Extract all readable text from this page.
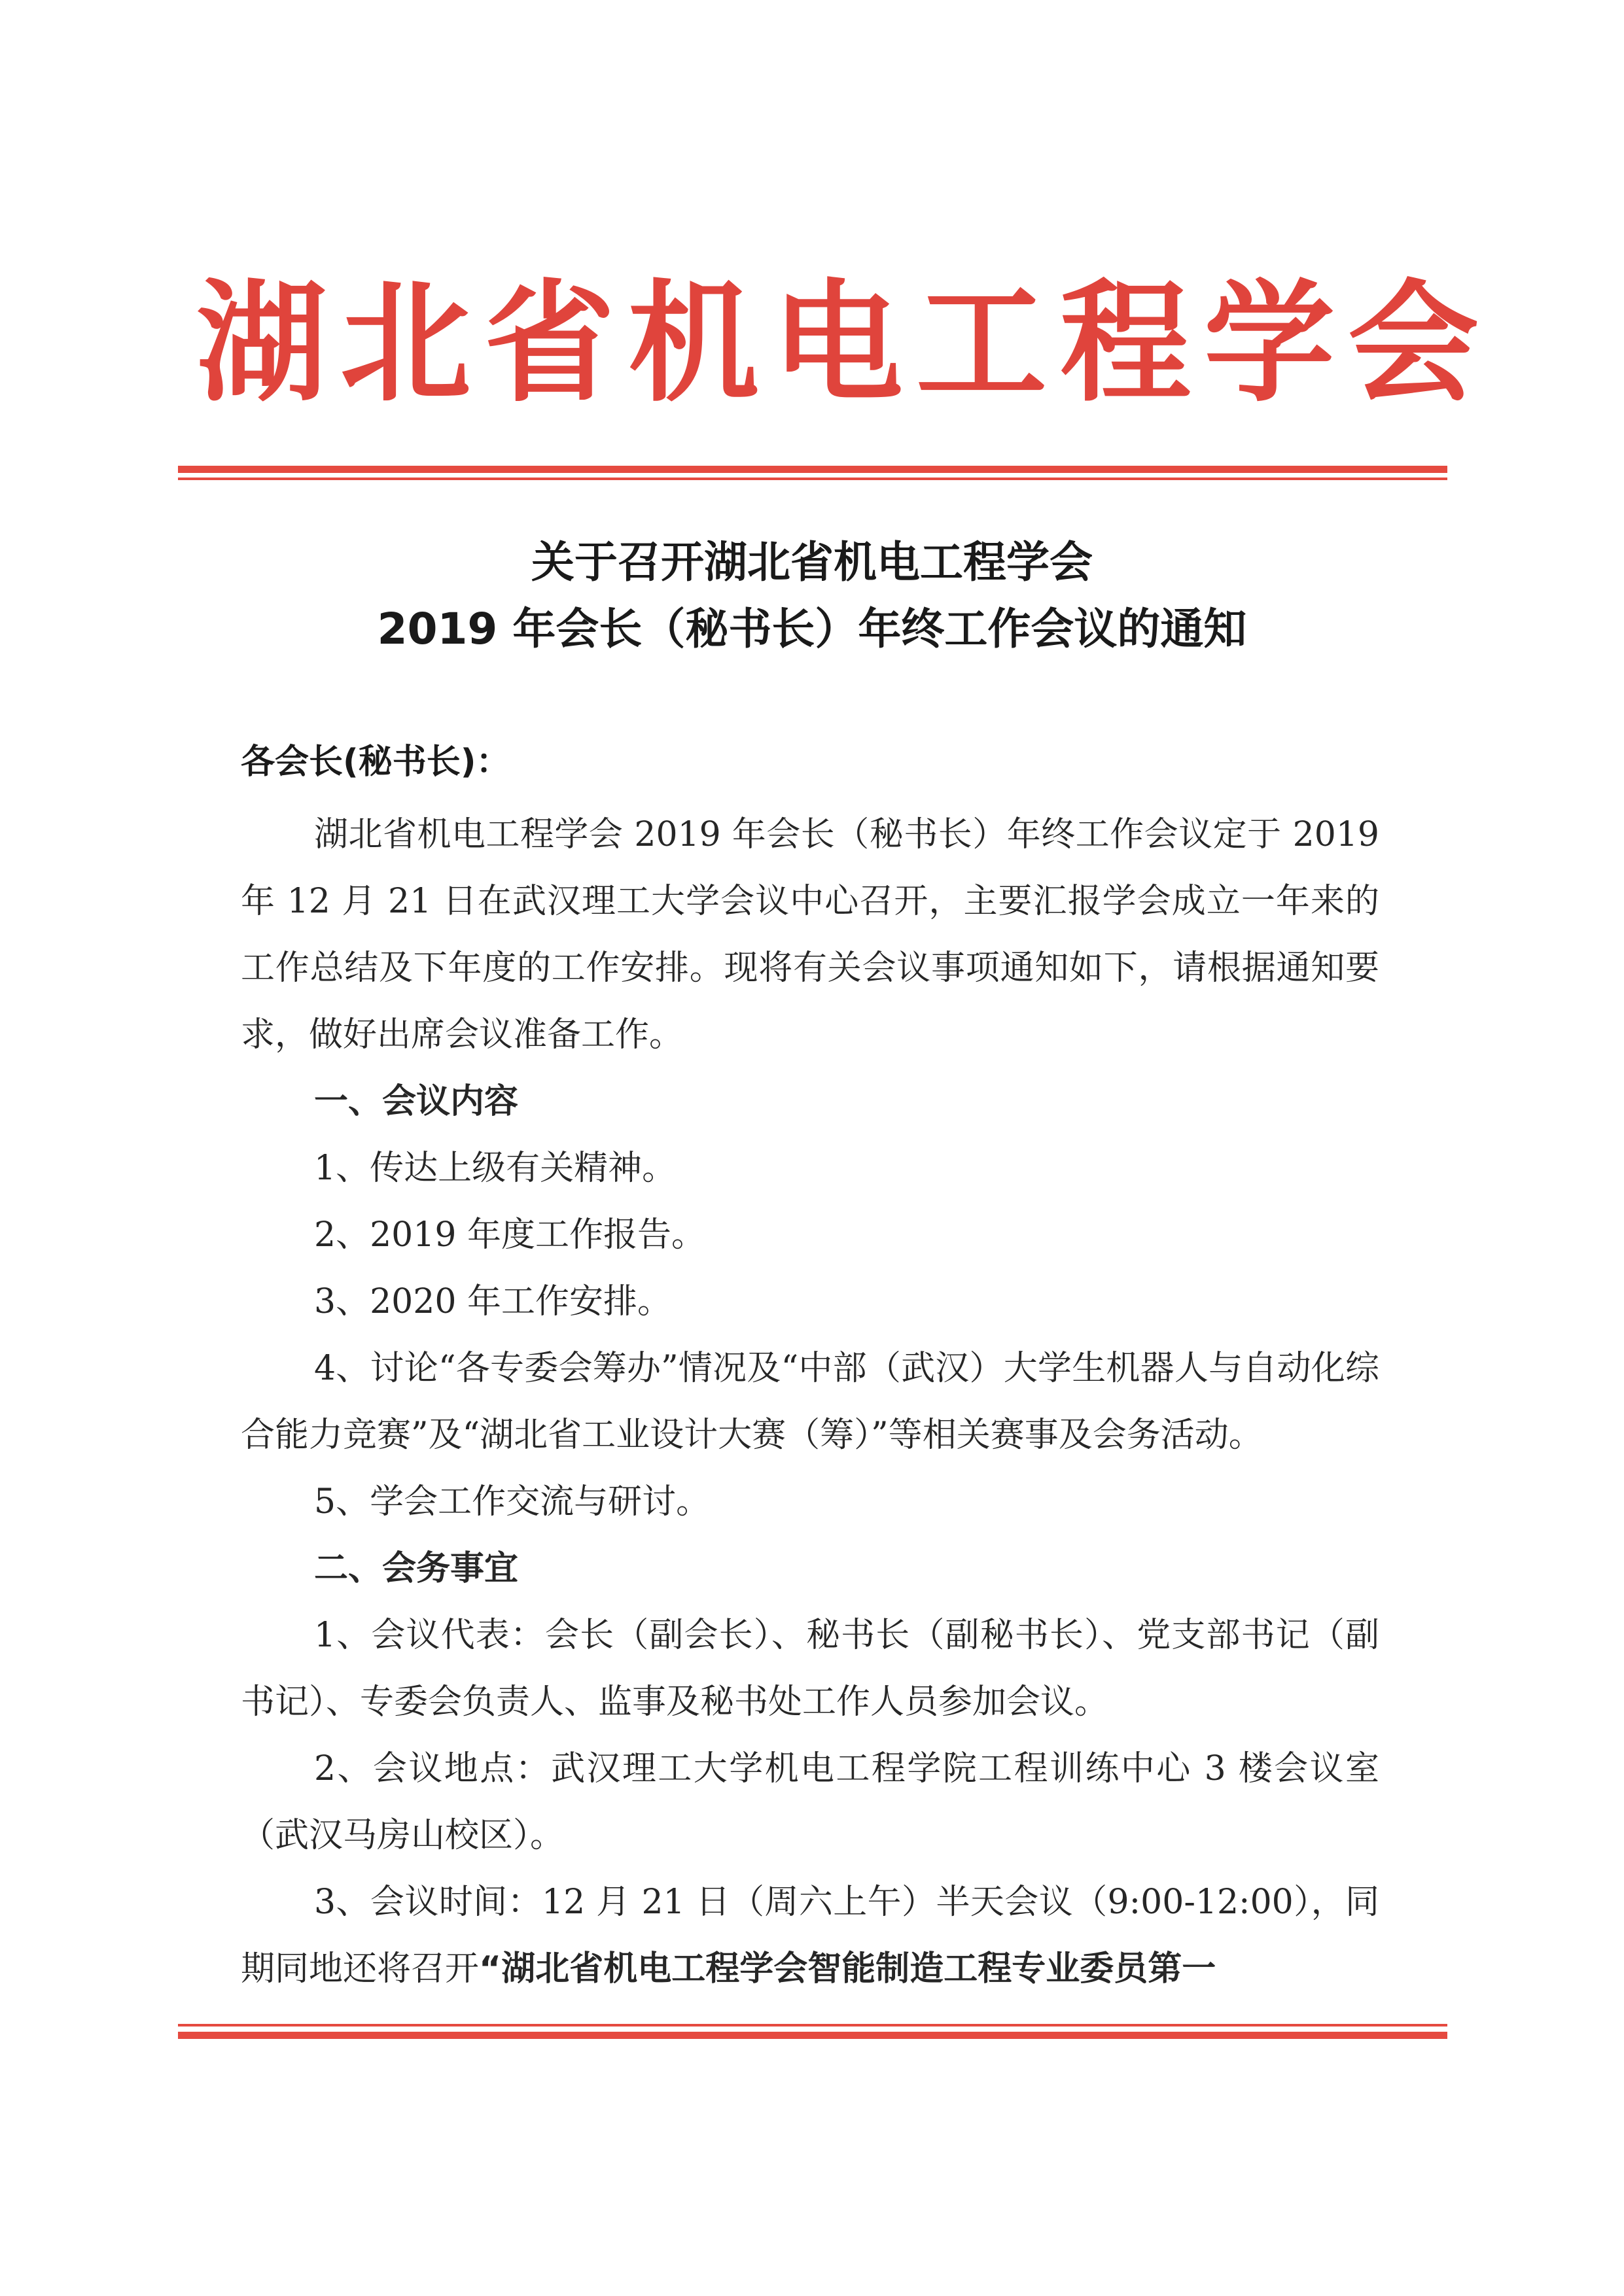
湖北省机电工程学会
关于召开湖北省机电工程学会
2019 年会长（秘书长）年终工作会议的通知
各会长(秘书长)：

湖北省机电工程学会 2019 年会长（秘书长）年终工作会议定于 2019 年 12 月 21 日在武汉理工大学会议中心召开，主要汇报学会成立一年来的工作总结及下年度的工作安排。现将有关会议事项通知如下，请根据通知要求，做好出席会议准备工作。

一、会议内容

1、传达上级有关精神。

2、2019 年度工作报告。

3、2020 年工作安排。

4、讨论“各专委会筹办”情况及“中部（武汉）大学生机器人与自动化综合能力竞赛”及“湖北省工业设计大赛（筹）”等相关赛事及会务活动。

5、学会工作交流与研讨。

二、会务事宜

1、会议代表：会长（副会长）、秘书长（副秘书长）、党支部书记（副书记）、专委会负责人、监事及秘书处工作人员参加会议。

2、会议地点：武汉理工大学机电工程学院工程训练中心 3 楼会议室（武汉马房山校区）。

3、会议时间：12 月 21 日（周六上午）半天会议（9:00-12:00），同期同地还将召开“湖北省机电工程学会智能制造工程专业委员第一
